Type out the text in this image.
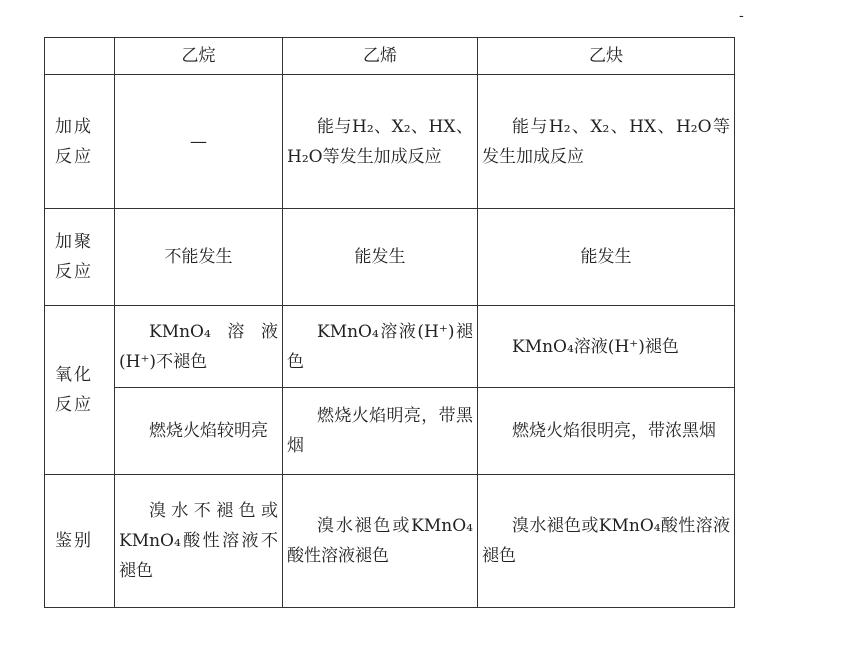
-
	乙烷	乙烯	乙炔
加成反应	—	能与H₂、X₂、HX、H₂O等发生加成反应	能与H₂、X₂、HX、H₂O等发生加成反应
加聚反应	不能发生	能发生	能发生
氧化反应	KMnO₄溶液(H⁺)不褪色	KMnO₄溶液(H⁺)褪色	KMnO₄溶液(H⁺)褪色
	燃烧火焰较明亮	燃烧火焰明亮，带黑烟	燃烧火焰很明亮，带浓黑烟
鉴别	溴水不褪色或KMnO₄酸性溶液不褪色	溴水褪色或KMnO₄酸性溶液褪色	溴水褪色或KMnO₄酸性溶液褪色
